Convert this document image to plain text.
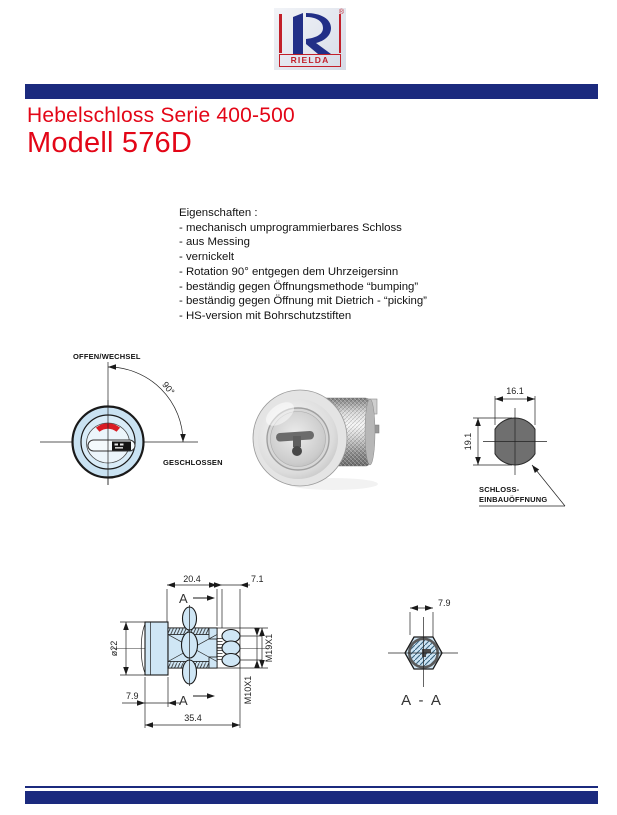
®
RIELDA
Hebelschloss Serie 400-500
Modell 576D
Eigenschaften :
- mechanisch umprogrammierbares Schloss
- aus Messing
- vernickelt
- Rotation 90° entgegen dem Uhrzeigersinn
- beständig gegen Öffnungsmethode “bumping”
- beständig gegen Öffnung mit Dietrich - “picking”
- HS-version mit Bohrschutzstiften
OFFEN/WECHSEL
90°
GESCHLOSSEN
16.1
19.1
SCHLOSS-
EINBAUÖFFNUNG
20.4	7.1
A
A
ø22	M19X1
M10X1
7.9
35.4
7.9
A - A
